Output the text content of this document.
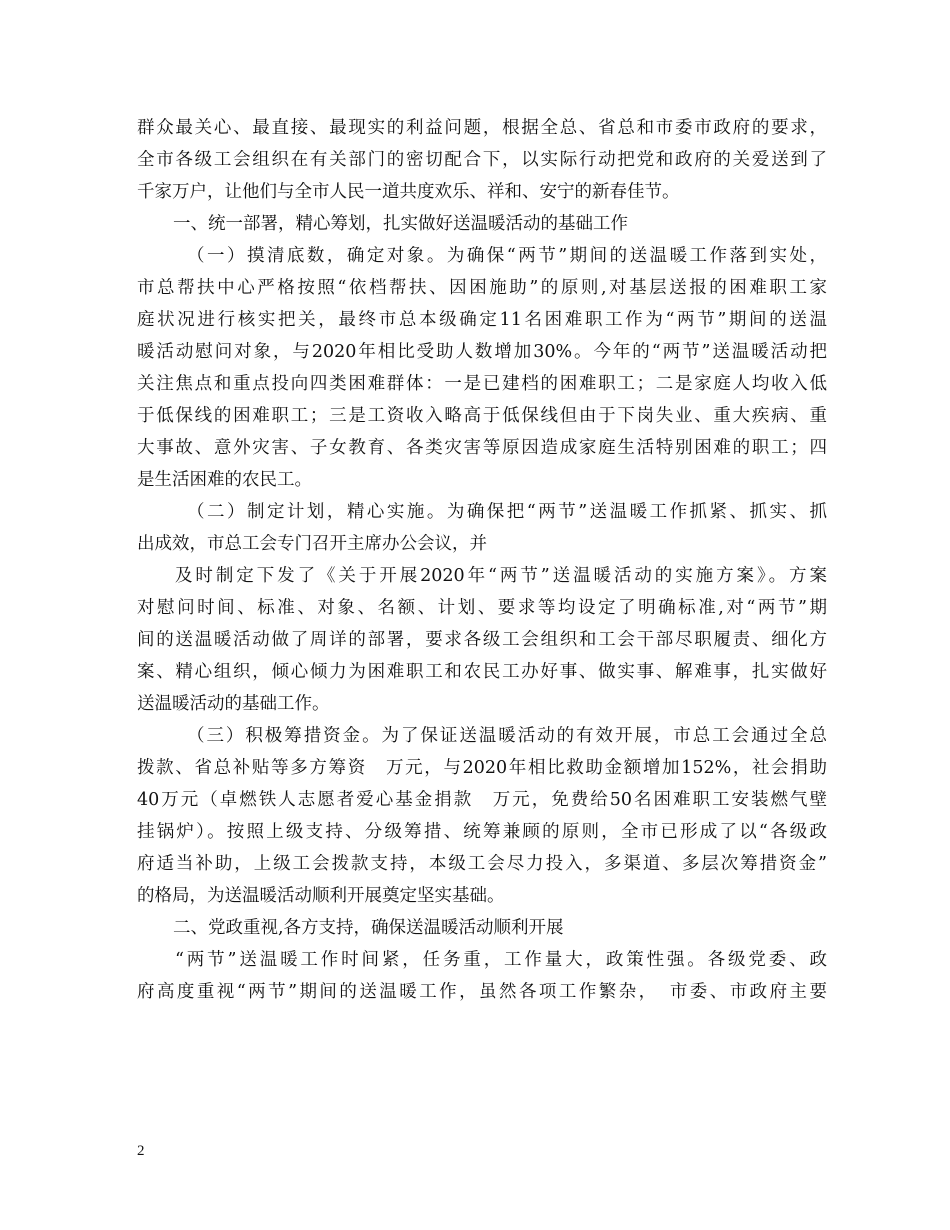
群众最关心、最直接、最现实的利益问题，根据全总、省总和市委市政府的要求，
全市各级工会组织在有关部门的密切配合下，以实际行动把党和政府的关爱送到了
千家万户，让他们与全市人民一道共度欢乐、祥和、安宁的新春佳节。
一、统一部署，精心筹划，扎实做好送温暖活动的基础工作
（一）摸清底数，确定对象。为确保“两节”期间的送温暖工作落到实处，
市总帮扶中心严格按照“依档帮扶、因困施助”的原则,对基层送报的困难职工家
庭状况进行核实把关，最终市总本级确定11名困难职工作为“两节”期间的送温
暖活动慰问对象，与2020年相比受助人数增加30%。今年的“两节”送温暖活动把
关注焦点和重点投向四类困难群体：一是已建档的困难职工；二是家庭人均收入低
于低保线的困难职工；三是工资收入略高于低保线但由于下岗失业、重大疾病、重
大事故、意外灾害、子女教育、各类灾害等原因造成家庭生活特别困难的职工；四
是生活困难的农民工。
（二）制定计划，精心实施。为确保把“两节”送温暖工作抓紧、抓实、抓
出成效，市总工会专门召开主席办公会议，并
及时制定下发了《关于开展2020年“两节”送温暖活动的实施方案》。方案
对慰问时间、标准、对象、名额、计划、要求等均设定了明确标准,对“两节”期
间的送温暖活动做了周详的部署，要求各级工会组织和工会干部尽职履责、细化方
案、精心组织，倾心倾力为困难职工和农民工办好事、做实事、解难事，扎实做好
送温暖活动的基础工作。
（三）积极筹措资金。为了保证送温暖活动的有效开展，市总工会通过全总
拨款、省总补贴等多方筹资　万元，与2020年相比救助金额增加152%，社会捐助
40万元（卓燃铁人志愿者爱心基金捐款　万元，免费给50名困难职工安装燃气壁
挂锅炉）。按照上级支持、分级筹措、统筹兼顾的原则，全市已形成了以“各级政
府适当补助，上级工会拨款支持，本级工会尽力投入，多渠道、多层次筹措资金”
的格局，为送温暖活动顺利开展奠定坚实基础。
二、党政重视,各方支持，确保送温暖活动顺利开展
“两节”送温暖工作时间紧，任务重，工作量大，政策性强。各级党委、政
府高度重视“两节”期间的送温暖工作，虽然各项工作繁杂，　市委、市政府主要
2
